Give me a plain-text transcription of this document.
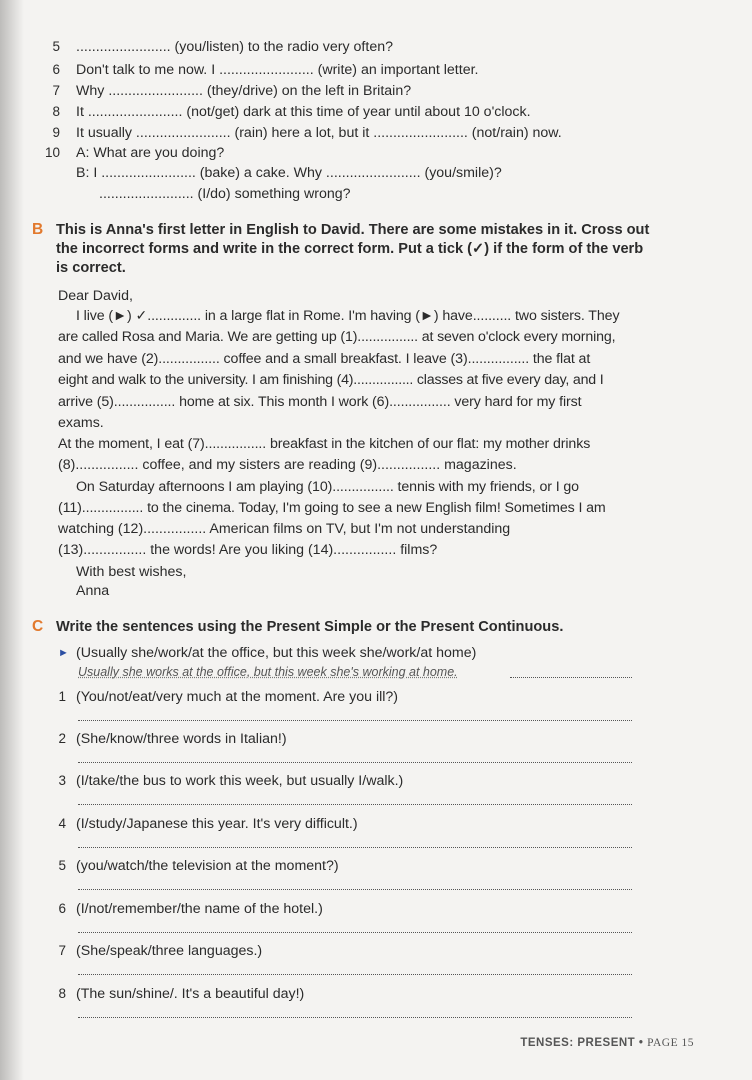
5 ........................ (you/listen) to the radio very often?
6 Don't talk to me now. I ........................ (write) an important letter.
7 Why ........................ (they/drive) on the left in Britain?
8 It ........................ (not/get) dark at this time of year until about 10 o'clock.
9 It usually ........................ (rain) here a lot, but it ........................ (not/rain) now.
10 A: What are you doing?
B: I ........................ (bake) a cake. Why ........................ (you/smile)?
........................ (I/do) something wrong?
B This is Anna's first letter in English to David. There are some mistakes in it. Cross out
the incorrect forms and write in the correct form. Put a tick (✓) if the form of the verb
is correct.
Dear David,
I live (►) ✓.............. in a large flat in Rome. I'm having (►) have.......... two sisters. They
are called Rosa and Maria. We are getting up (1)................ at seven o'clock every morning,
and we have (2)................ coffee and a small breakfast. I leave (3)................ the flat at
eight and walk to the university. I am finishing (4)................ classes at five every day, and I
arrive (5)................ home at six. This month I work (6)................ very hard for my first
exams.
At the moment, I eat (7)................ breakfast in the kitchen of our flat: my mother drinks
(8)................ coffee, and my sisters are reading (9)................ magazines.
On Saturday afternoons I am playing (10)................ tennis with my friends, or I go
(11)................ to the cinema. Today, I'm going to see a new English film! Sometimes I am
watching (12)................ American films on TV, but I'm not understanding
(13)................ the words! Are you liking (14)................ films?
With best wishes,
Anna
C Write the sentences using the Present Simple or the Present Continuous.
► (Usually she/work/at the office, but this week she/work/at home)
Usually she works at the office, but this week she's working at home.
1 (You/not/eat/very much at the moment. Are you ill?)
2 (She/know/three words in Italian!)
3 (I/take/the bus to work this week, but usually I/walk.)
4 (I/study/Japanese this year. It's very difficult.)
5 (you/watch/the television at the moment?)
6 (I/not/remember/the name of the hotel.)
7 (She/speak/three languages.)
8 (The sun/shine/. It's a beautiful day!)
TENSES: PRESENT • PAGE 15
